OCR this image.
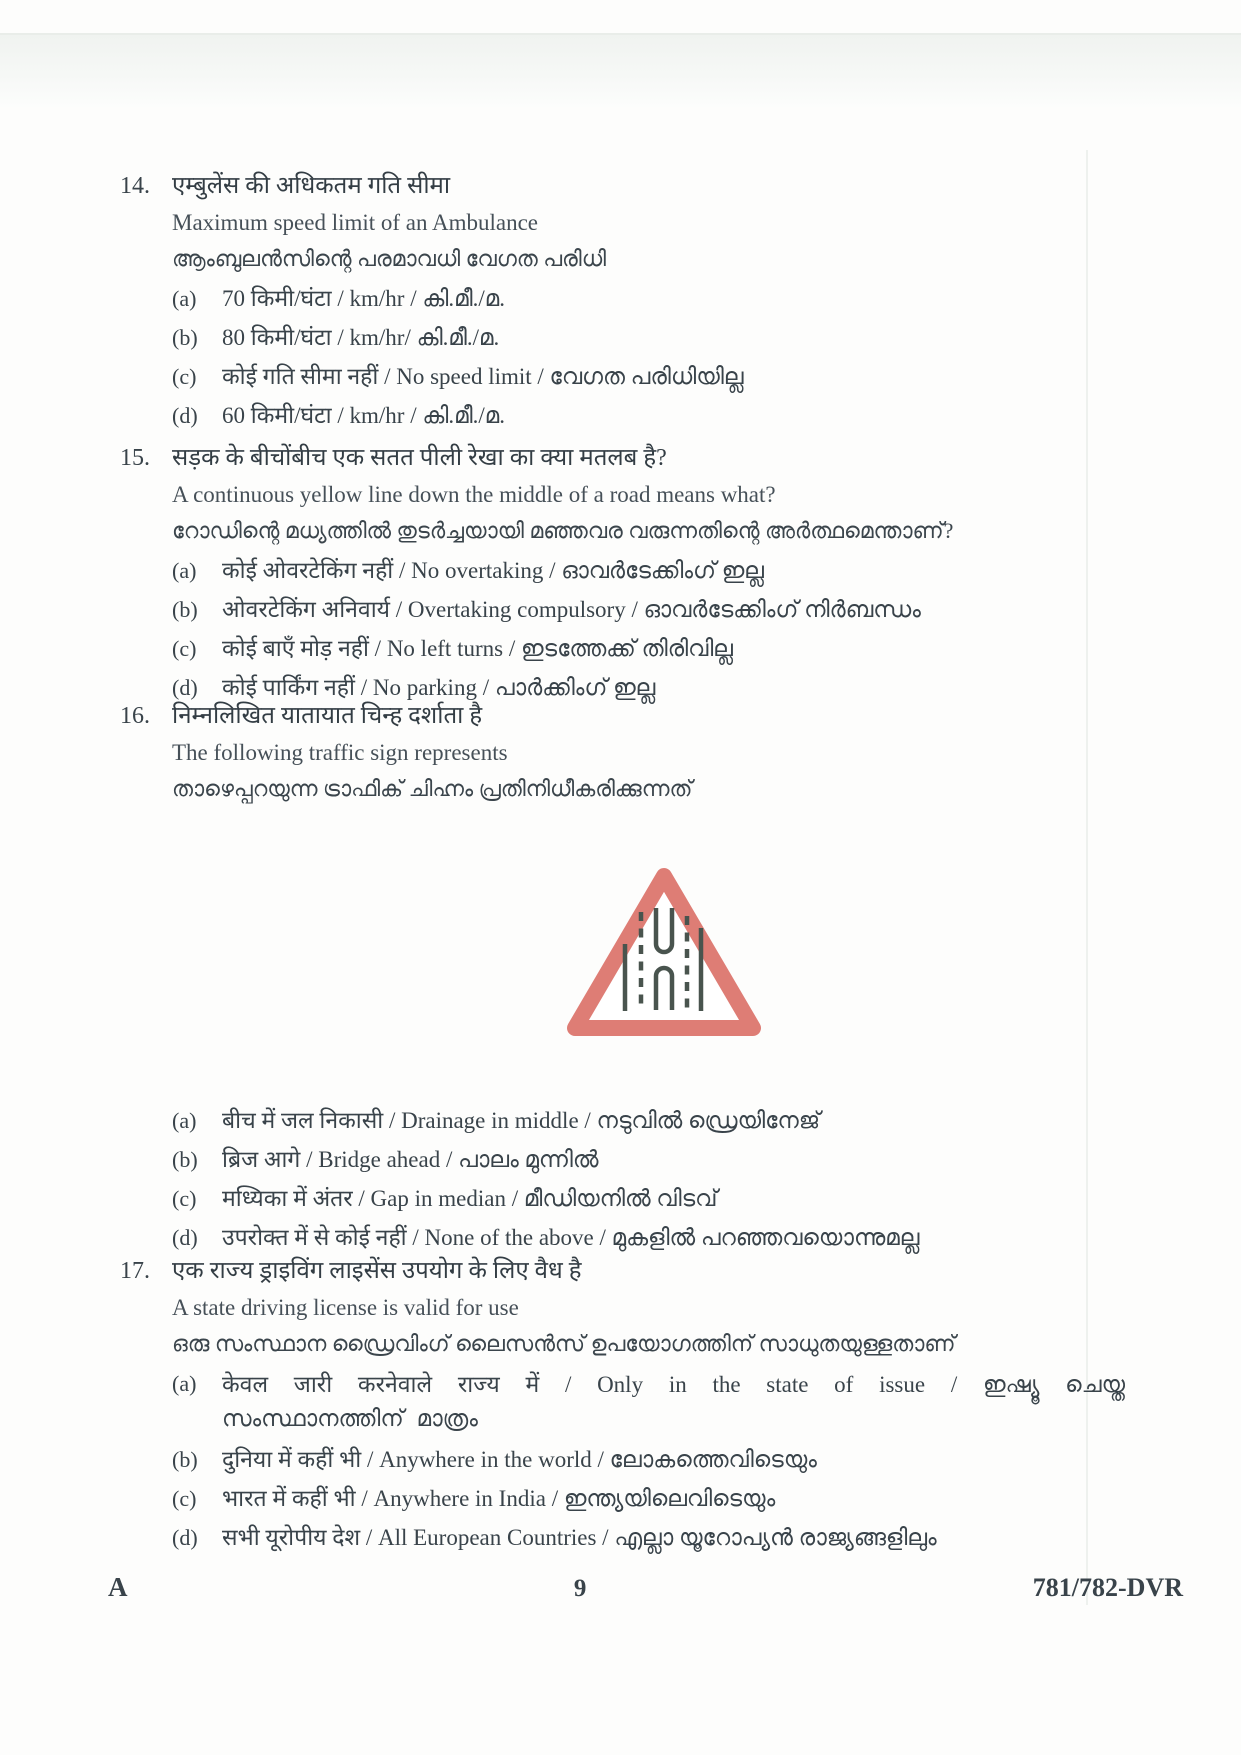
14. एम्बुलेंस की अधिकतम गति सीमा
Maximum speed limit of an Ambulance
ആംബുലൻസിന്റെ പരമാവധി വേഗത പരിധി
(a)	70 किमी/घंटा / km/hr / കി.മീ./മ.
(b)	80 किमी/घंटा / km/hr/ കി.മീ./മ.
(c)	कोई गति सीमा नहीं / No speed limit / വേഗത പരിധിയില്ല
(d)	60 किमी/घंटा / km/hr / കി.മീ./മ.
15. सड़क के बीचोंबीच एक सतत पीली रेखा का क्या मतलब है?
A continuous yellow line down the middle of a road means what?
റോഡിന്റെ മധ്യത്തിൽ തുടർച്ചയായി മഞ്ഞവര വരുന്നതിന്റെ അർത്ഥമെന്താണ്?
(a)	कोई ओवरटेकिंग नहीं / No overtaking / ഓവർടേക്കിംഗ് ഇല്ല
(b)	ओवरटेकिंग अनिवार्य / Overtaking compulsory / ഓവർടേക്കിംഗ് നിർബന്ധം
(c)	कोई बाएँ मोड़ नहीं / No left turns / ഇടത്തേക്ക് തിരിവില്ല
(d)	कोई पार्किंग नहीं / No parking / പാർക്കിംഗ് ഇല്ല
16. निम्नलिखित यातायात चिन्ह दर्शाता है
The following traffic sign represents
താഴെപ്പറയുന്ന ട്രാഫിക് ചിഹ്നം പ്രതിനിധീകരിക്കുന്നത്
(a)	बीच में जल निकासी / Drainage in middle / നടുവിൽ ഡ്രെയിനേജ്
(b)	ब्रिज आगे / Bridge ahead / പാലം മുന്നിൽ
(c)	मध्यिका में अंतर / Gap in median / മീഡിയനിൽ വിടവ്
(d)	उपरोक्त में से कोई नहीं / None of the above / മുകളിൽ പറഞ്ഞവയൊന്നുമല്ല
17. एक राज्य ड्राइविंग लाइसेंस उपयोग के लिए वैध है
A state driving license is valid for use
ഒരു സംസ്ഥാന ഡ്രൈവിംഗ് ലൈസൻസ് ഉപയോഗത്തിന് സാധുതയുള്ളതാണ്
(a)	केवल जारी करनेवाले राज्य में / Only in the state of issue / ഇഷ്യൂ ചെയ്ത സംസ്ഥാനത്തിന് മാത്രം
(b)	दुनिया में कहीं भी / Anywhere in the world / ലോകത്തെവിടെയും
(c)	भारत में कहीं भी / Anywhere in India / ഇന്ത്യയിലെവിടെയും
(d)	सभी यूरोपीय देश / All European Countries / എല്ലാ യൂറോപ്യൻ രാജ്യങ്ങളിലും
A	9	781/782-DVR
